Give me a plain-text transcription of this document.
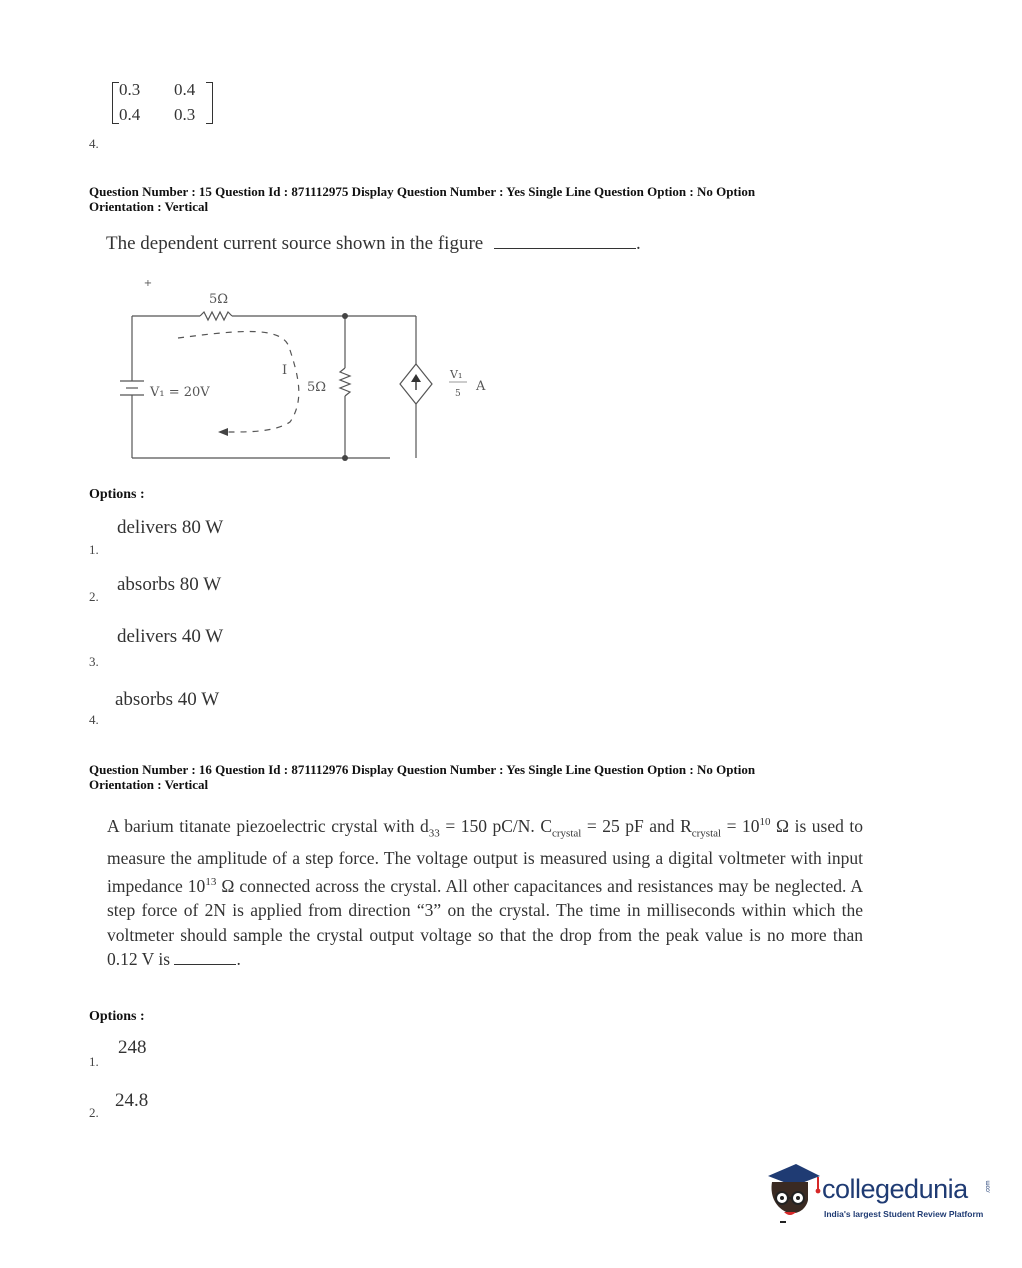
0.3 0.4
0.4 0.3
4.
Question Number : 15 Question Id : 871112975 Display Question Number : Yes Single Line Question Option : No Option
Orientation : Vertical
The dependent current source shown in the figure	.
+
5Ω
V₁ = 20V
I
5Ω
V₁
5 A
Options :
delivers 80 W
1.
2.
absorbs 80 W
delivers 40 W
3.
absorbs 40 W
4.
Question Number : 16 Question Id : 871112976 Display Question Number : Yes Single Line Question Option : No Option
Orientation : Vertical
A barium titanate piezoelectric crystal with $d_{33} = 150$ pC/N. $C_{crystal} = 25$ pF and $R_{crystal} = 10^{10}$ Ω is used to measure the amplitude of a step force. The voltage output is measured using a digital voltmeter with input impedance $10^{13}$ Ω connected across the crystal. All other capacitances and resistances may be neglected. A step force of 2N is applied from direction “3” on the crystal. The time in milliseconds within which the voltmeter should sample the crystal output voltage so that the drop from the peak value is no more than 0.12 V is	.
Options :
248
1.
2.
24.8
collegedunia	.com
India's largest Student Review Platform
